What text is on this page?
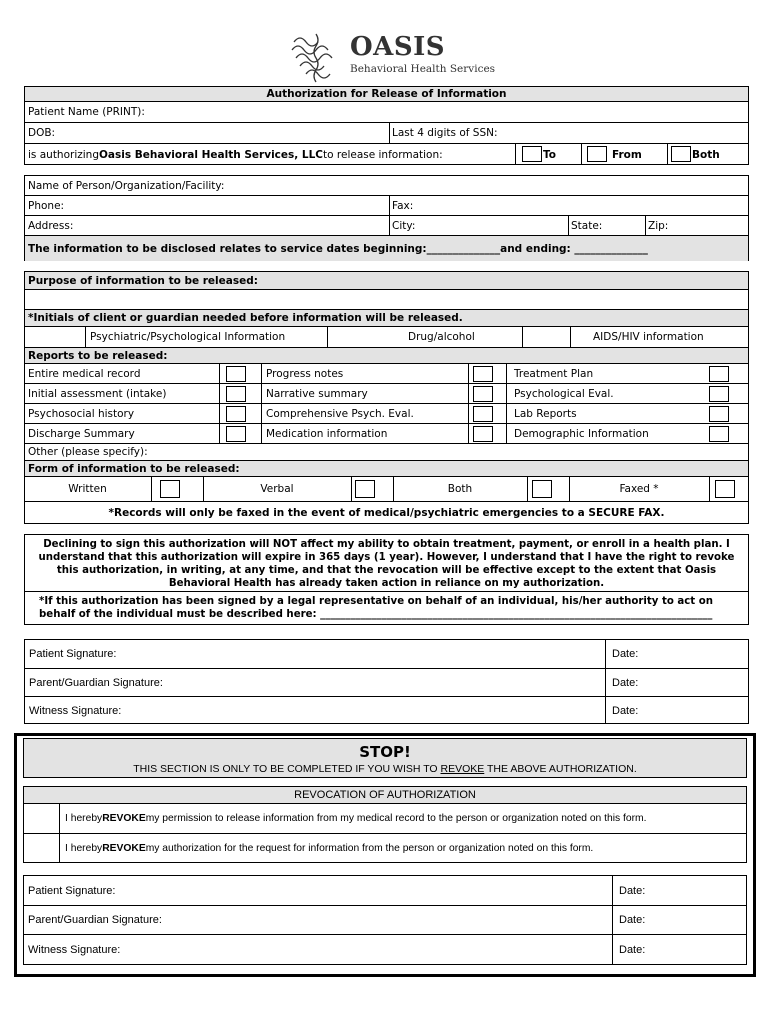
OASIS
Behavioral Health Services
Authorization for Release of Information
Patient Name (PRINT):
DOB:	Last 4 digits of SSN:
is authorizing Oasis Behavioral Health Services, LLC to release information:	To	From	Both
Name of Person/Organization/Facility:
Phone:	Fax:
Address:	City:	State:	Zip:
The information to be disclosed relates to service dates beginning:______________ and ending: ______________
Purpose of information to be released:
*Initials of client or guardian needed before information will be released.
Psychiatric/Psychological Information	Drug/alcohol	AIDS/HIV information
Reports to be released:
Entire medical record	Progress notes	Treatment Plan
Initial assessment (intake)	Narrative summary	Psychological Eval.
Psychosocial history	Comprehensive Psych. Eval.	Lab Reports
Discharge Summary	Medication information	Demographic Information
Other (please specify):
Form of information to be released:
Written	Verbal	Both	Faxed *
*Records will only be faxed in the event of medical/psychiatric emergencies to a SECURE FAX.
Declining to sign this authorization will NOT affect my ability to obtain treatment, payment, or enroll in a health plan. I understand that this authorization will expire in 365 days (1 year). However, I understand that I have the right to revoke this authorization, in writing, at any time, and that the revocation will be effective except to the extent that Oasis Behavioral Health has already taken action in reliance on my authorization.
*If this authorization has been signed by a legal representative on behalf of an individual, his/her authority to act on behalf of the individual must be described here: _____________________________________________________________________________
Patient Signature:	Date:
Parent/Guardian Signature:	Date:
Witness Signature:	Date:
STOP!
THIS SECTION IS ONLY TO BE COMPLETED IF YOU WISH TO REVOKE THE ABOVE AUTHORIZATION.
REVOCATION OF AUTHORIZATION
I hereby REVOKE my permission to release information from my medical record to the person or organization noted on this form.
I hereby REVOKE my authorization for the request for information from the person or organization noted on this form.
Patient Signature:	Date:
Parent/Guardian Signature:	Date:
Witness Signature:	Date:
